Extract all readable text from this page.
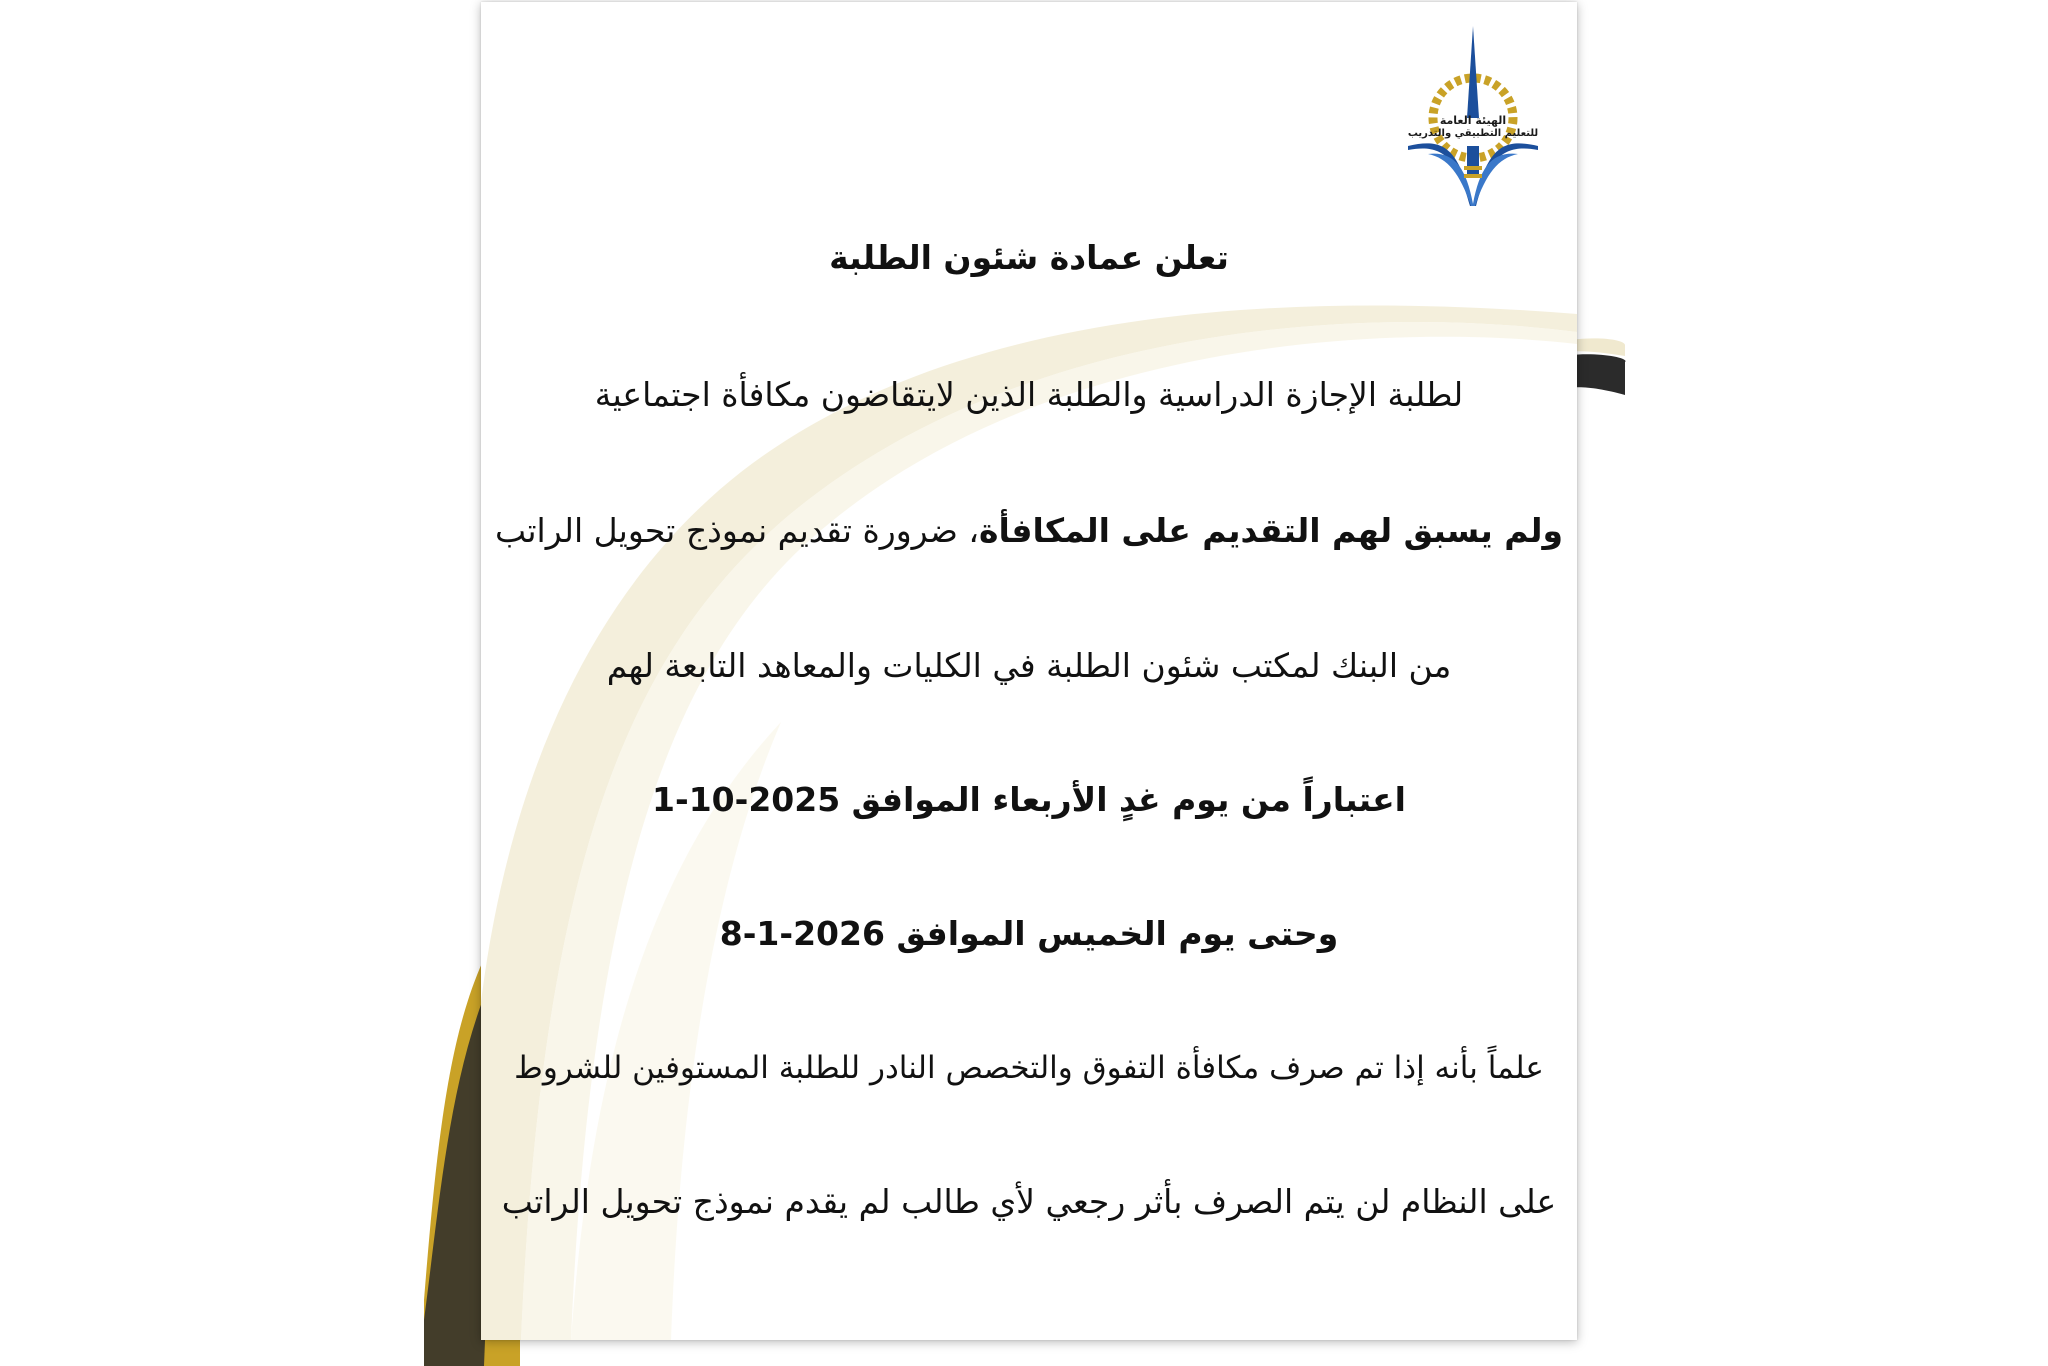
الهيئة العامة
للتعليم التطبيقي والتدريب
تعلن عمادة شئون الطلبة
لطلبة الإجازة الدراسية والطلبة الذين لايتقاضون مكافأة اجتماعية
ولم يسبق لهم التقديم على المكافأة، ضرورة تقديم نموذج تحويل الراتب
من البنك لمكتب شئون الطلبة في الكليات والمعاهد التابعة لهم
اعتباراً من يوم غدٍ الأربعاء الموافق 1-10-2025
وحتى يوم الخميس الموافق 8-1-2026
علماً بأنه إذا تم صرف مكافأة التفوق والتخصص النادر للطلبة المستوفين للشروط
على النظام لن يتم الصرف بأثر رجعي لأي طالب لم يقدم نموذج تحويل الراتب
